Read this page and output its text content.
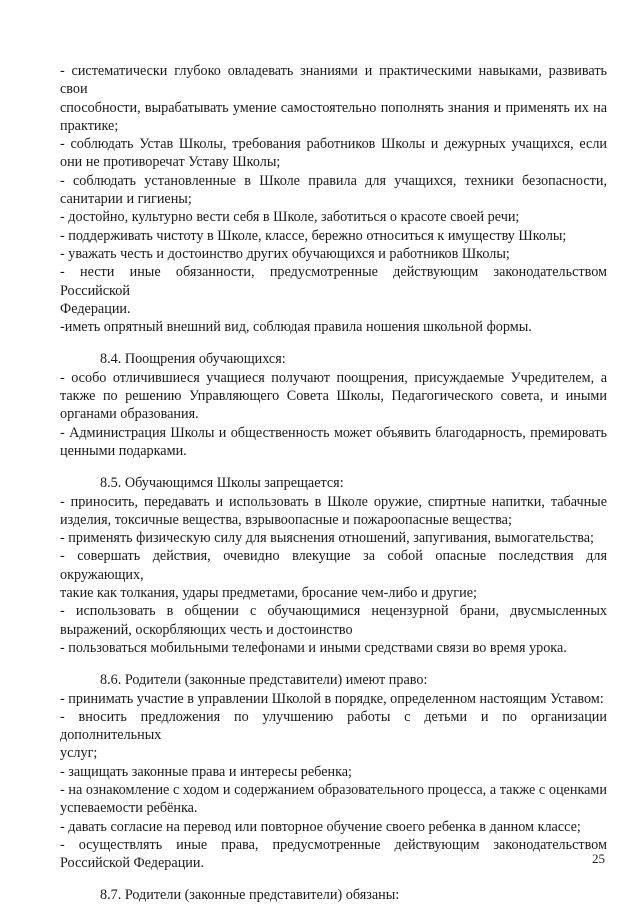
- систематически глубоко овладевать знаниями и практическими навыками, развивать свои

способности, вырабатывать умение самостоятельно пополнять знания и применять их на

практике;

- соблюдать Устав Школы, требования работников Школы и дежурных учащихся, если

они не противоречат Уставу Школы;

- соблюдать установленные в Школе правила для учащихся, техники безопасности,

санитарии и гигиены;

- достойно, культурно вести себя в Школе, заботиться о красоте своей речи;

- поддерживать чистоту в Школе, классе, бережно относиться к имуществу Школы;

- уважать честь и достоинство других обучающихся и работников Школы;

- нести иные обязанности, предусмотренные действующим законодательством Российской

Федерации.

-иметь опрятный внешний вид, соблюдая правила ношения школьной формы.

8.4. Поощрения обучающихся:

- особо отличившиеся учащиеся получают поощрения, присуждаемые Учредителем, а

также по решению Управляющего Совета Школы, Педагогического совета, и иными

органами образования.

- Администрация Школы и общественность может объявить благодарность, премировать

ценными подарками.

8.5. Обучающимся Школы запрещается:

- приносить, передавать и использовать в Школе оружие, спиртные напитки, табачные

изделия, токсичные вещества, взрывоопасные и пожароопасные вещества;

- применять физическую силу для выяснения отношений, запугивания, вымогательства;

- совершать действия, очевидно влекущие за собой опасные последствия для окружающих,

такие как толкания, удары предметами, бросание чем-либо и другие;

- использовать в общении с обучающимися нецензурной брани, двусмысленных

выражений, оскорбляющих честь и достоинство

- пользоваться мобильными телефонами и иными средствами связи во время урока.

8.6. Родители (законные представители) имеют право:

- принимать участие в управлении Школой в порядке, определенном настоящим Уставом:

- вносить предложения по улучшению работы с детьми и по организации дополнительных

услуг;

- защищать законные права и интересы ребенка;

- на ознакомление с ходом и содержанием образовательного процесса, а также с оценками

успеваемости ребёнка.

- давать согласие на перевод или повторное обучение своего ребенка в данном классе;

- осуществлять иные права, предусмотренные действующим законодательством

Российской Федерации.

8.7. Родители (законные представители) обязаны:

25
